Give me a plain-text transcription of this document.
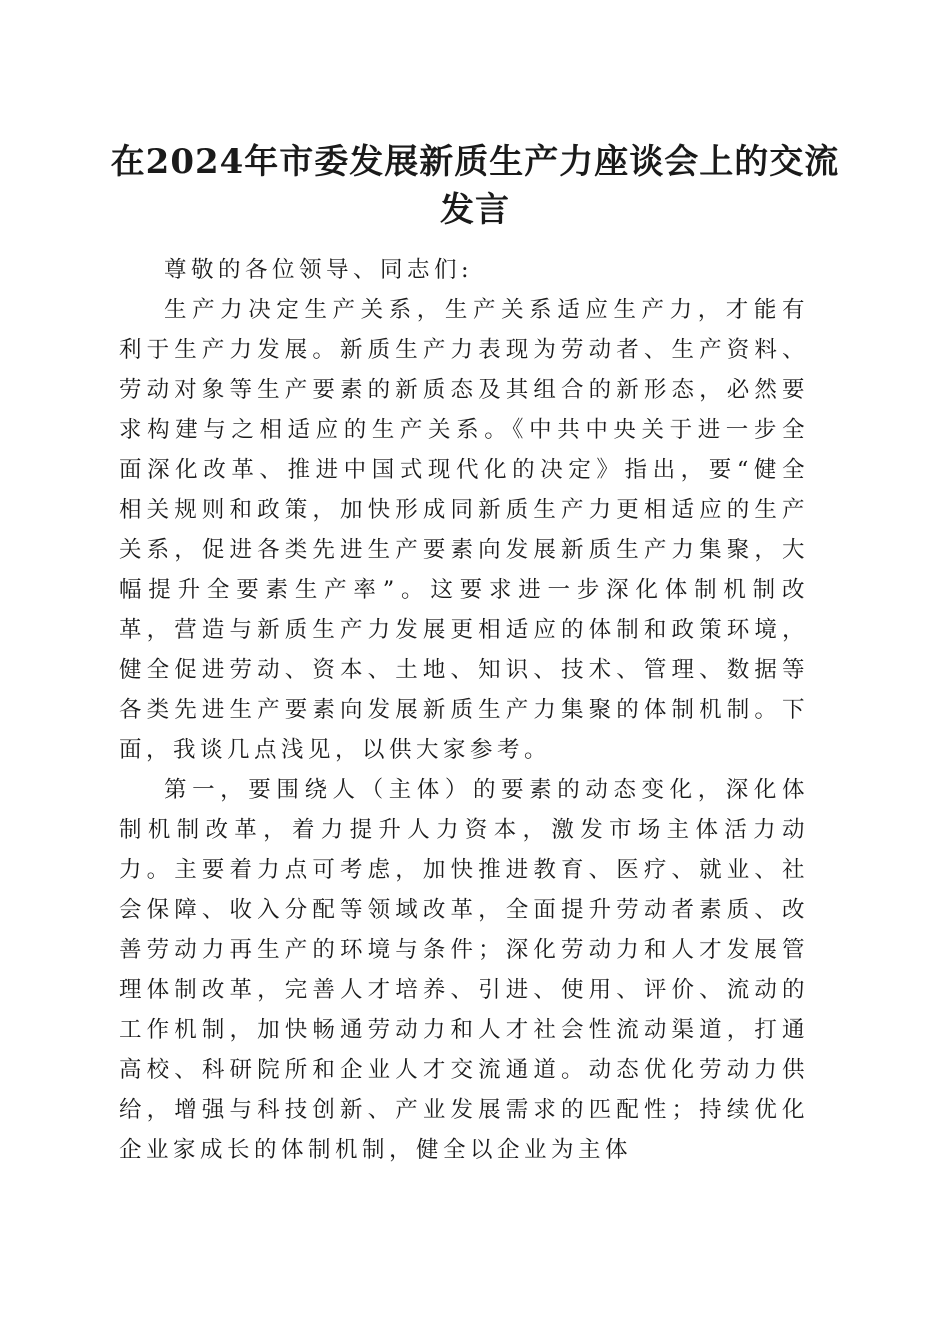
在2024年市委发展新质生产力座谈会上的交流发言

尊敬的各位领导、同志们:

生产力决定生产关系，生产关系适应生产力，才能有利于生产力发展。新质生产力表现为劳动者、生产资料、劳动对象等生产要素的新质态及其组合的新形态，必然要求构建与之相适应的生产关系。《中共中央关于进一步全面深化改革、推进中国式现代化的决定》指出，要“健全相关规则和政策，加快形成同新质生产力更相适应的生产关系，促进各类先进生产要素向发展新质生产力集聚，大幅提升全要素生产率”。这要求进一步深化体制机制改革，营造与新质生产力发展更相适应的体制和政策环境，健全促进劳动、资本、土地、知识、技术、管理、数据等各类先进生产要素向发展新质生产力集聚的体制机制。下面，我谈几点浅见，以供大家参考。

第一，要围绕人（主体）的要素的动态变化，深化体制机制改革，着力提升人力资本，激发市场主体活力动力。主要着力点可考虑，加快推进教育、医疗、就业、社会保障、收入分配等领域改革，全面提升劳动者素质、改善劳动力再生产的环境与条件；深化劳动力和人才发展管理体制改革，完善人才培养、引进、使用、评价、流动的工作机制，加快畅通劳动力和人才社会性流动渠道，打通高校、科研院所和企业人才交流通道。动态优化劳动力供给，增强与科技创新、产业发展需求的匹配性；持续优化企业家成长的体制机制，健全以企业为主体
